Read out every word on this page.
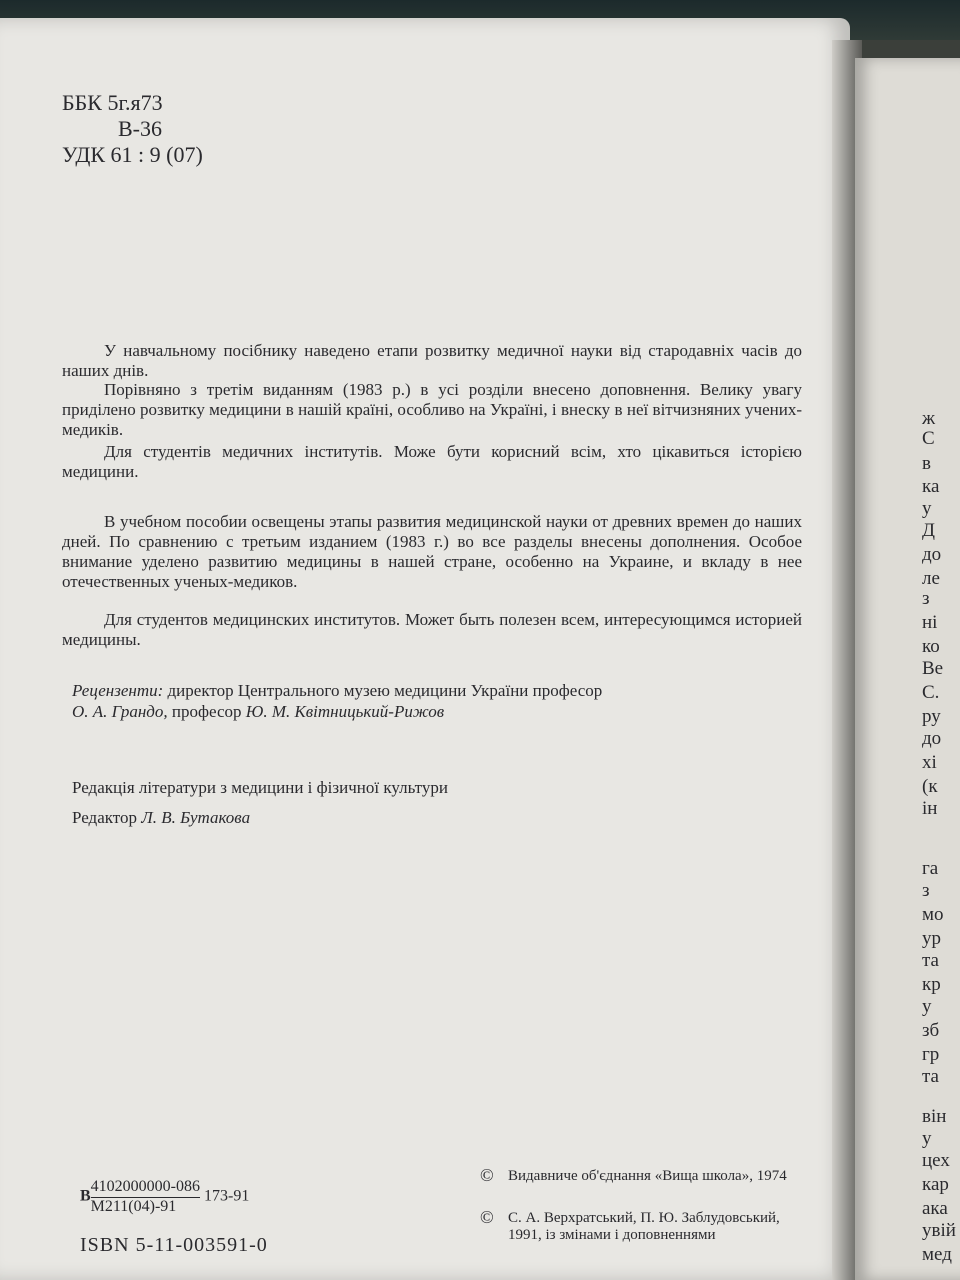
ББК 5г.я73
В-36
УДК 61 : 9 (07)
У навчальному посібнику наведено етапи розвитку медичної науки від стародавніх часів до наших днів.
Порівняно з третім виданням (1983 р.) в усі розділи внесено доповнення. Велику увагу приділено розвитку медицини в нашій країні, особливо на Україні, і внеску в неї вітчизняних учених-медиків.
Для студентів медичних інститутів. Може бути корисний всім, хто цікавиться історією медицини.
В учебном пособии освещены этапы развития медицинской науки от древних времен до наших дней. По сравнению с третьим изданием (1983 г.) во все разделы внесены дополнения. Особое внимание уделено развитию медицины в нашей стране, особенно на Украине, и вкладу в нее отечественных ученых-медиков.
Для студентов медицинских институтов. Может быть полезен всем, интересующимся историей медицины.
Рецензенти: директор Центрального музею медицини України професор
О. А. Грандо, професор Ю. М. Квітницький-Рижов
Редакція літератури з медицини і фізичної культури
Редактор Л. В. Бутакова
В $\frac{4102000000-086}{М211(04)-91} 173-91$
ISBN 5-11-003591-0
© Видавниче об'єднання «Вища школа», 1974
© С. А. Верхратський, П. Ю. Заблудовський, 1991, із змінами і доповненнями
ж
С
в
ка
у
Д
до
ле
з
ні
ко
Ве
С.
ру
до
хі
(к
ін
га
з
мо
ур
та
кр
у
зб
гр
та
він
у
цех
кар
ака
увій
мед
